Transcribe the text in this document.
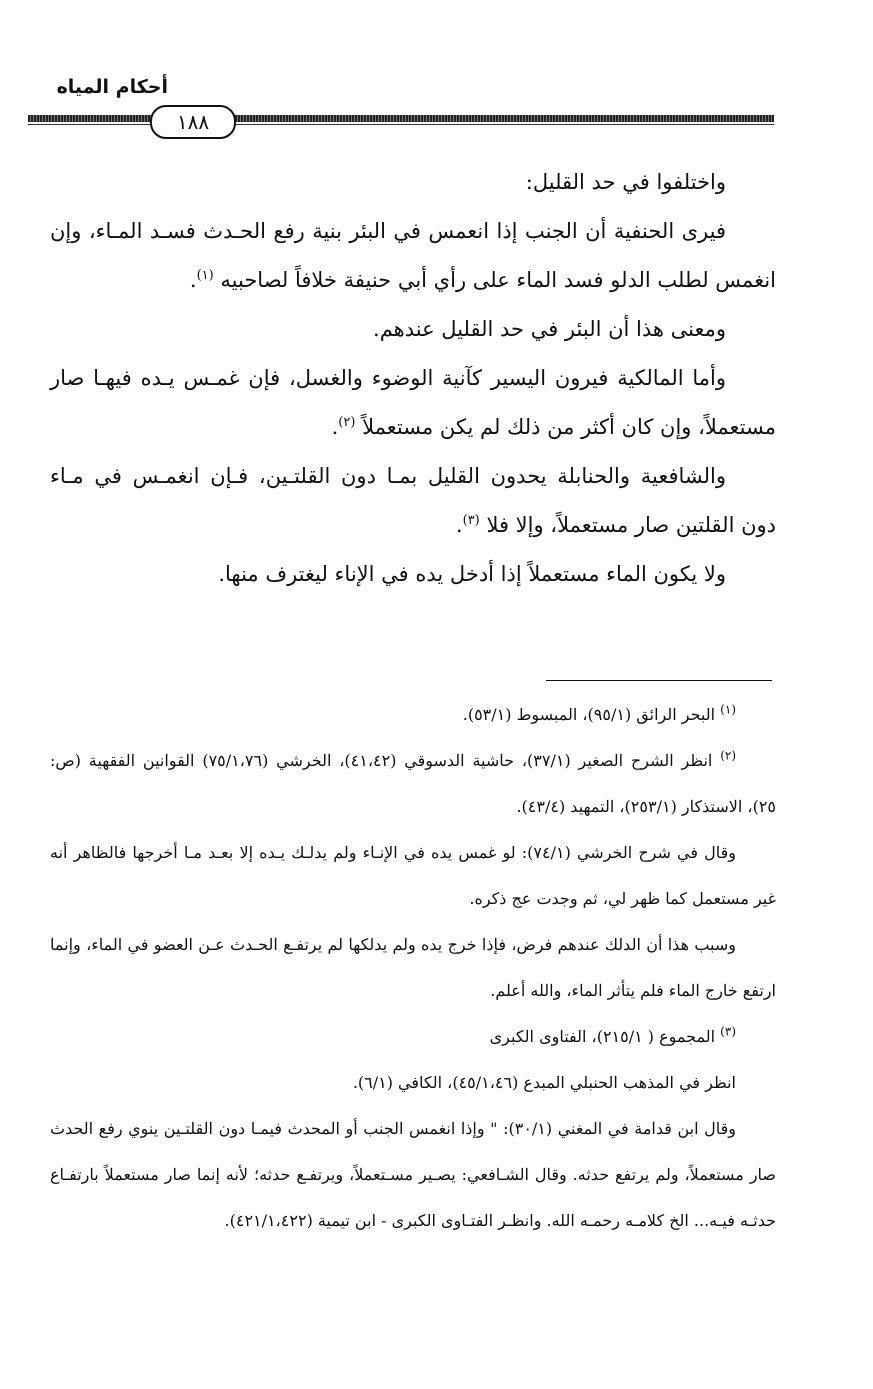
أحكام المياه
١٨٨

واختلفوا في حد القليل:

فيرى الحنفية أن الجنب إذا انعمس في البئر بنية رفع الحـدث فسـد المـاء، وإن انغمس لطلب الدلو فسد الماء على رأي أبي حنيفة خلافاً لصاحبيه $^{(١)}$.

ومعنى هذا أن البئر في حد القليل عندهم.

وأما المالكية فيرون اليسير كآنية الوضوء والغسل، فإن غمـس يـده فيهـا صار مستعملاً، وإن كان أكثر من ذلك لم يكن مستعملاً $^{(٢)}$.

والشافعية والحنابلة يحدون القليل بمـا دون القلتـين، فـإن انغمـس في مـاء دون القلتين صار مستعملاً، وإلا فلا $^{(٣)}$.

ولا يكون الماء مستعملاً إذا أدخل يده في الإناء ليغترف منها.

$^{(١)}$ البحر الرائق (٩٥/١)، المبسوط (٥٣/١).

$^{(٢)}$ انظر الشرح الصغير (٣٧/١)، حاشية الدسوقي (٤١،٤٢)، الخرشي (٧٥/١،٧٦) القوانين الفقهية (ص: ٢٥)، الاستذكار (٢٥٣/١)، التمهيد (٤٣/٤).

وقال في شرح الخرشي (٧٤/١): لو غمس يده في الإنـاء ولم يدلـك يـده إلا بعـد مـا أخرجها فالظاهر أنه غير مستعمل كما ظهر لي، ثم وجدت عج ذكره.

وسبب هذا أن الدلك عندهم فرض، فإذا خرج يده ولم يدلكها لم يرتفـع الحـدث عـن العضو في الماء، وإنما ارتفع خارج الماء فلم يتأثر الماء، والله أعلم.

$^{(٣)}$ المجموع ( ٢١٥/١)، الفتاوى الكبرى

انظر في المذهب الحنبلي المبدع (٤٥/١،٤٦)، الكافي (٦/١).

وقال ابن قدامة في المغني (٣٠/١): " وإذا انغمس الجنب أو المحدث فيمـا دون القلتـين ينوي رفع الحدث صار مستعملاً، ولم يرتفع حدثه. وقال الشـافعي: يصـير مسـتعملاً، ويرتفـع حدثه؛ لأنه إنما صار مستعملاً بارتفـاع حدثـه فيـه... الخ كلامـه رحمـه الله. وانظـر الفتـاوى الكبرى - ابن تيمية (٤٢١/١،٤٢٢).
